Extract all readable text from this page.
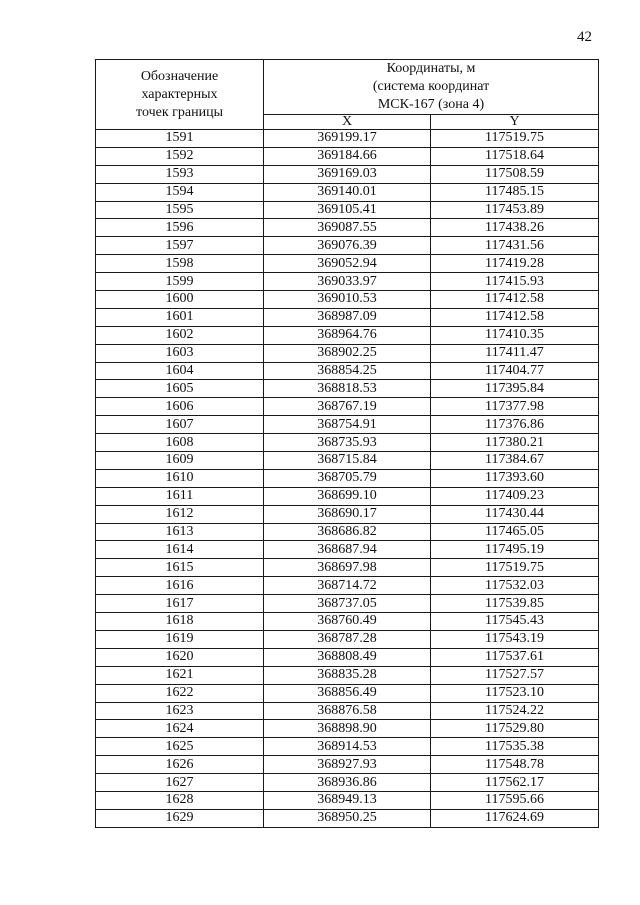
42
Обозначение
характерных
точек границы	Координаты, м
(система координат
МСК-167 (зона 4)	

	X	Y
1591	369199.17	117519.75
1592	369184.66	117518.64
1593	369169.03	117508.59
1594	369140.01	117485.15
1595	369105.41	117453.89
1596	369087.55	117438.26
1597	369076.39	117431.56
1598	369052.94	117419.28
1599	369033.97	117415.93
1600	369010.53	117412.58
1601	368987.09	117412.58
1602	368964.76	117410.35
1603	368902.25	117411.47
1604	368854.25	117404.77
1605	368818.53	117395.84
1606	368767.19	117377.98
1607	368754.91	117376.86
1608	368735.93	117380.21
1609	368715.84	117384.67
1610	368705.79	117393.60
1611	368699.10	117409.23
1612	368690.17	117430.44
1613	368686.82	117465.05
1614	368687.94	117495.19
1615	368697.98	117519.75
1616	368714.72	117532.03
1617	368737.05	117539.85
1618	368760.49	117545.43
1619	368787.28	117543.19
1620	368808.49	117537.61
1621	368835.28	117527.57
1622	368856.49	117523.10
1623	368876.58	117524.22
1624	368898.90	117529.80
1625	368914.53	117535.38
1626	368927.93	117548.78
1627	368936.86	117562.17
1628	368949.13	117595.66
1629	368950.25	117624.69
